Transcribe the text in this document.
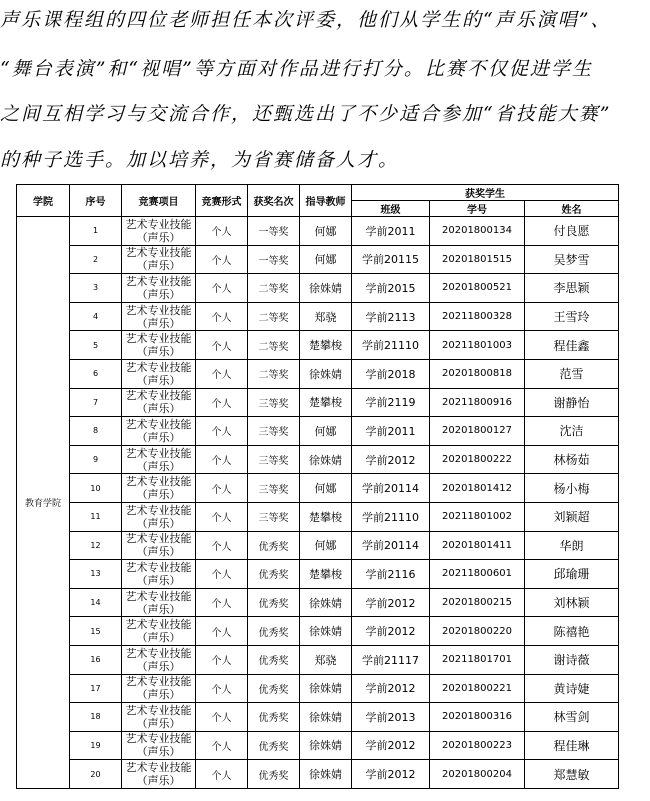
声乐课程组的四位老师担任本次评委，他们从学生的“声乐演唱”、
“舞台表演”和“视唱”等方面对作品进行打分。比赛不仅促进学生
之间互相学习与交流合作，还甄选出了不少适合参加“省技能大赛”
的种子选手。加以培养，为省赛储备人才。
学院	序号	竞赛项目	竞赛形式	获奖名次	指导教师	获奖学生		
						班级	学号	姓名
教育学院	1	艺术专业技能（声乐）	个人	一等奖	何娜	学前2011	20201800134	付良愿
	2	艺术专业技能（声乐）	个人	一等奖	何娜	学前20115	20201801515	吴梦雪
	3	艺术专业技能（声乐）	个人	二等奖	徐姝婧	学前2015	20201800521	李思颖
	4	艺术专业技能（声乐）	个人	二等奖	郑骁	学前2113	20211800328	王雪玲
	5	艺术专业技能（声乐）	个人	二等奖	楚攀梭	学前21110	20211801003	程佳鑫
	6	艺术专业技能（声乐）	个人	二等奖	徐姝婧	学前2018	20201800818	范雪
	7	艺术专业技能（声乐）	个人	三等奖	楚攀梭	学前2119	20211800916	谢静怡
	8	艺术专业技能（声乐）	个人	三等奖	何娜	学前2011	20201800127	沈洁
	9	艺术专业技能（声乐）	个人	三等奖	徐姝婧	学前2012	20201800222	林杨茹
	10	艺术专业技能（声乐）	个人	三等奖	何娜	学前20114	20201801412	杨小梅
	11	艺术专业技能（声乐）	个人	三等奖	楚攀梭	学前21110	20211801002	刘颖超
	12	艺术专业技能（声乐）	个人	优秀奖	何娜	学前20114	20201801411	华朗
	13	艺术专业技能（声乐）	个人	优秀奖	楚攀梭	学前2116	20211800601	邱瑜珊
	14	艺术专业技能（声乐）	个人	优秀奖	徐姝婧	学前2012	20201800215	刘林颖
	15	艺术专业技能（声乐）	个人	优秀奖	徐姝婧	学前2012	20201800220	陈禧艳
	16	艺术专业技能（声乐）	个人	优秀奖	郑骁	学前21117	20211801701	谢诗薇
	17	艺术专业技能（声乐）	个人	优秀奖	徐姝婧	学前2012	20201800221	黄诗婕
	18	艺术专业技能（声乐）	个人	优秀奖	徐姝婧	学前2013	20201800316	林雪剑
	19	艺术专业技能（声乐）	个人	优秀奖	徐姝婧	学前2012	20201800223	程佳琳
	20	艺术专业技能（声乐）	个人	优秀奖	徐姝婧	学前2012	20201800204	郑慧敏
